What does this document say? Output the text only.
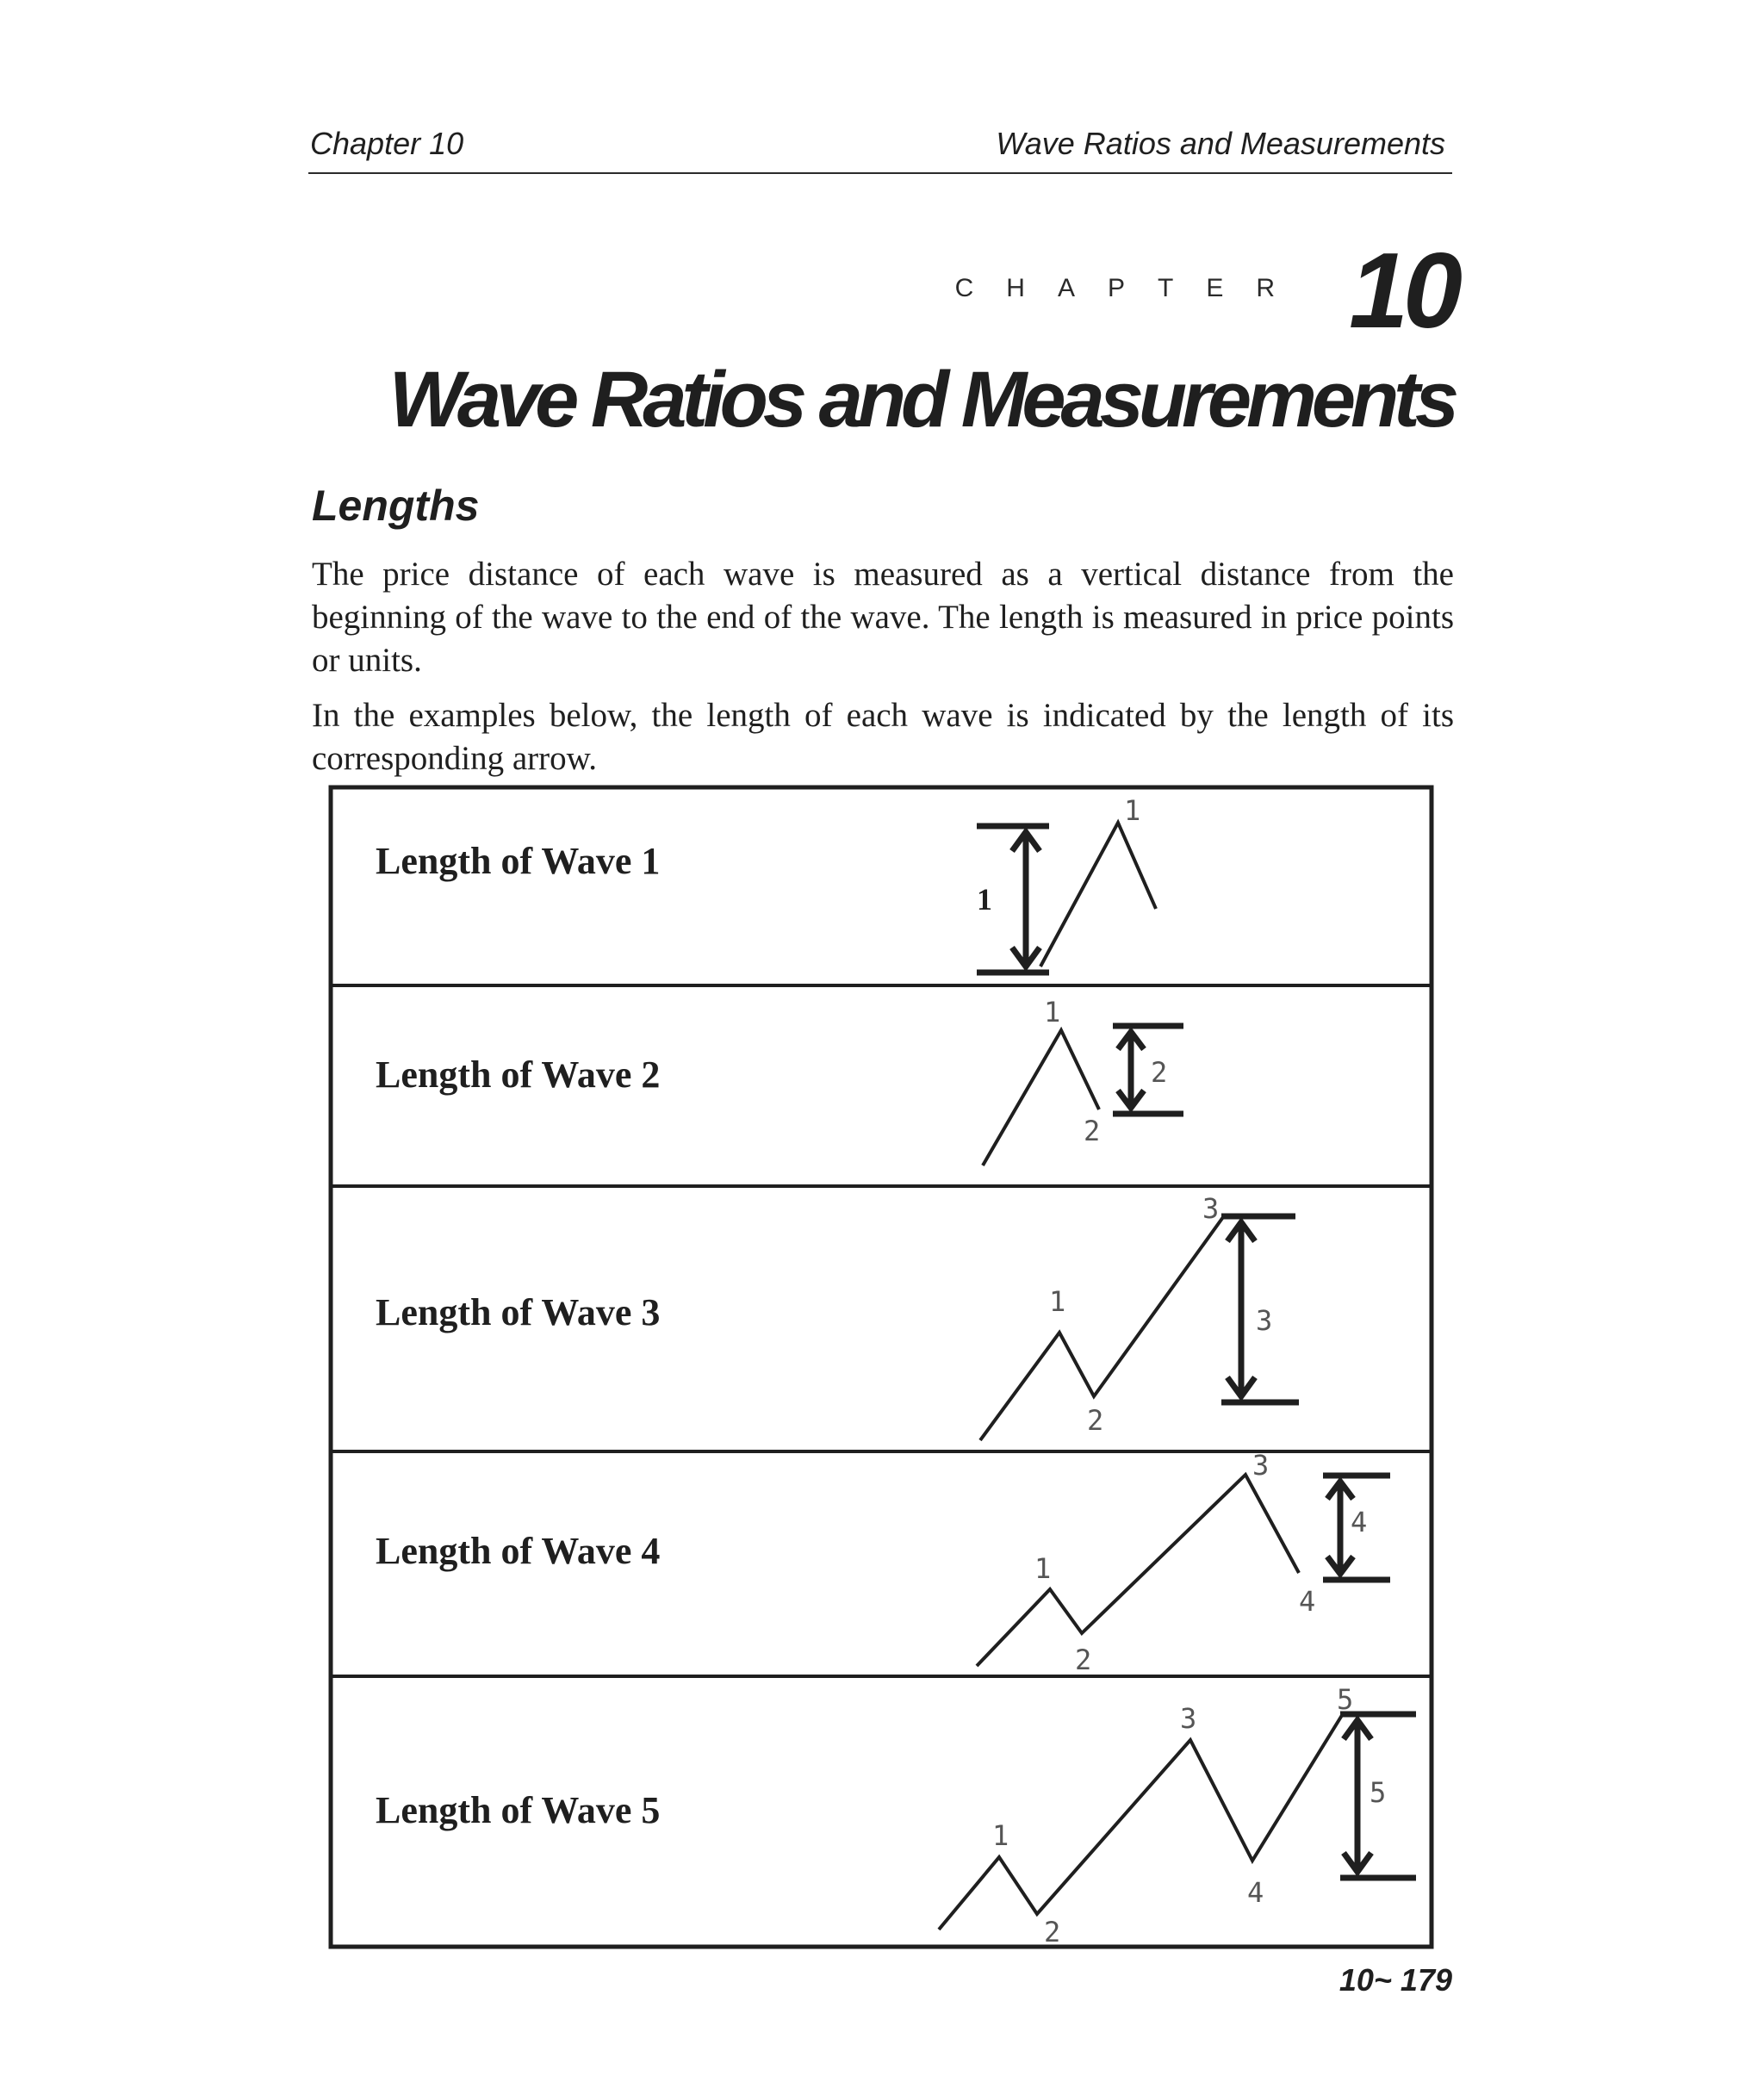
Chapter 10	Wave Ratios and Measurements
CHAPTER 10
Wave Ratios and Measurements
Lengths

The price distance of each wave is measured as a vertical distance from the beginning of the wave to the end of the wave. The length is measured in price points or units.

In the examples below, the length of each wave is indicated by the length of its corresponding arrow.

Length of Wave 1
1
1
Length of Wave 2
1
2
2
Length of Wave 3	1
2
3
3
Length of Wave 4	1
2
3
4
4
Length of Wave 5
1
2
3
4
5
5
10~ 179
